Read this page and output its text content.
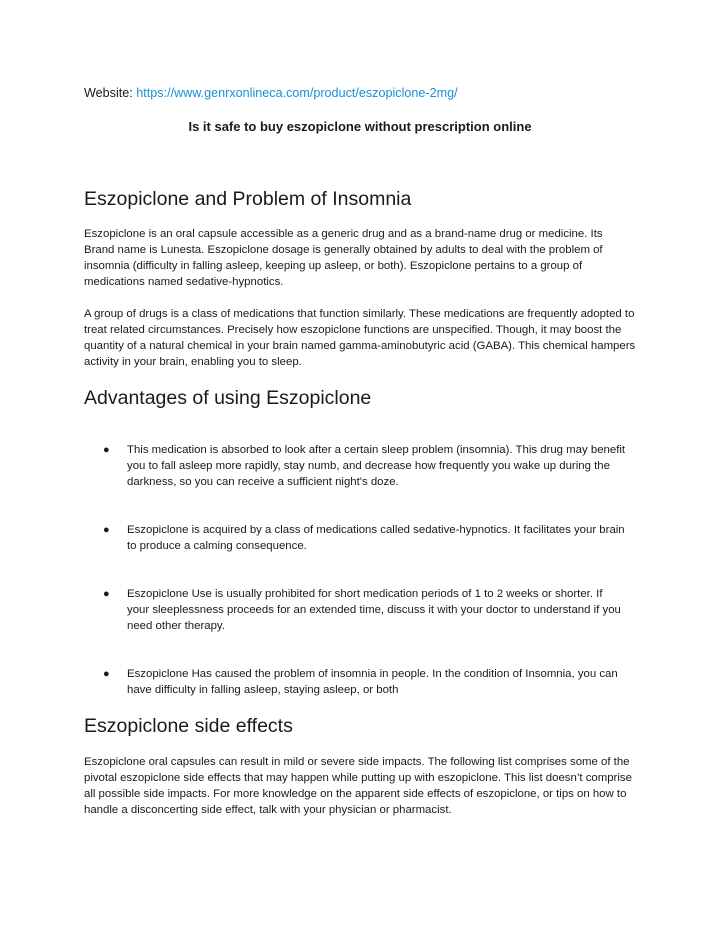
Website: https://www.genrxonlineca.com/product/eszopiclone-2mg/
Is it safe to buy eszopiclone without prescription online
Eszopiclone and Problem of Insomnia

Eszopiclone is an oral capsule accessible as a generic drug and as a brand-name drug or medicine. Its Brand name is Lunesta. Eszopiclone dosage is generally obtained by adults to deal with the problem of insomnia (difficulty in falling asleep, keeping up asleep, or both). Eszopiclone pertains to a group of medications named sedative-hypnotics.

A group of drugs is a class of medications that function similarly. These medications are frequently adopted to treat related circumstances. Precisely how eszopiclone functions are unspecified. Though, it may boost the quantity of a natural chemical in your brain named gamma-aminobutyric acid (GABA). This chemical hampers activity in your brain, enabling you to sleep.

Advantages of using Eszopiclone
● This medication is absorbed to look after a certain sleep problem (insomnia). This drug may benefit you to fall asleep more rapidly, stay numb, and decrease how frequently you wake up during the darkness, so you can receive a sufficient night's doze.
● Eszopiclone is acquired by a class of medications called sedative-hypnotics. It facilitates your brain to produce a calming consequence.
● Eszopiclone Use is usually prohibited for short medication periods of 1 to 2 weeks or shorter. If your sleeplessness proceeds for an extended time, discuss it with your doctor to understand if you need other therapy.
● Eszopiclone Has caused the problem of insomnia in people. In the condition of Insomnia, you can have difficulty in falling asleep, staying asleep, or both
Eszopiclone side effects

Eszopiclone oral capsules can result in mild or severe side impacts. The following list comprises some of the pivotal eszopiclone side effects that may happen while putting up with eszopiclone. This list doesn’t comprise all possible side impacts. For more knowledge on the apparent side effects of eszopiclone, or tips on how to handle a disconcerting side effect, talk with your physician or pharmacist.
